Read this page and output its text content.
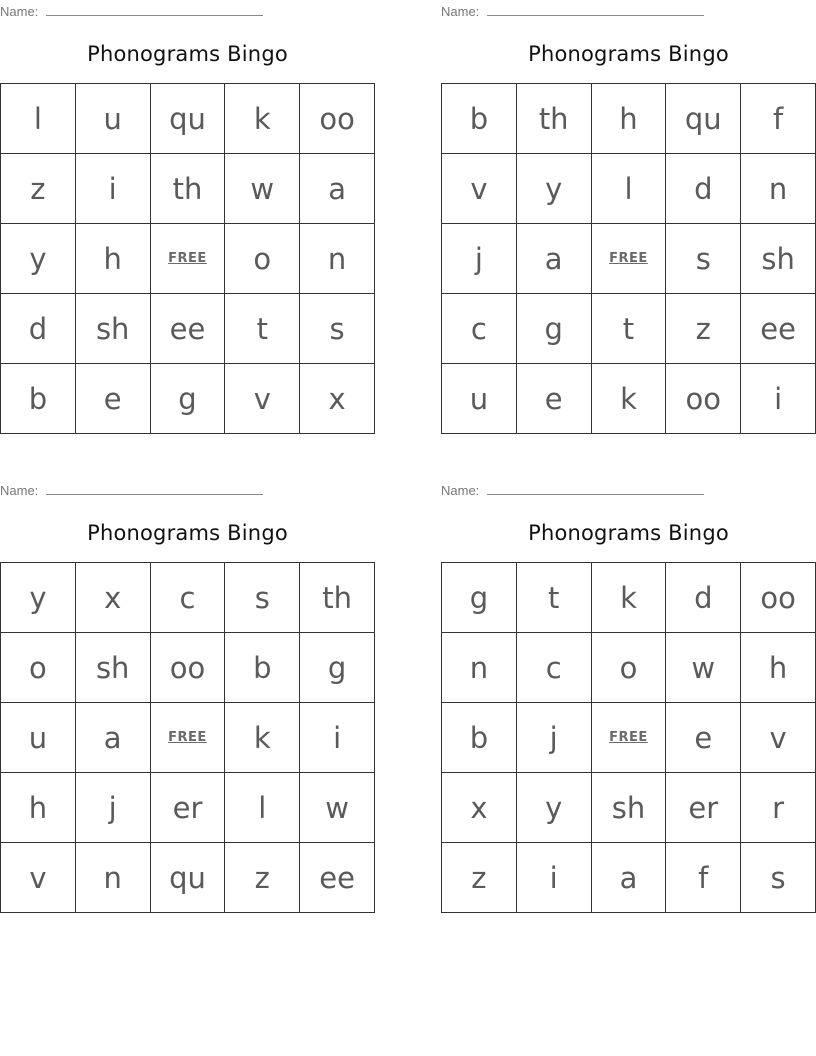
Name:
Phonograms Bingo
l	u	qu	k	oo
z	i	th	w	a
y	h	FREE	o	n
d	sh	ee	t	s
b	e	g	v	x
Name:
Phonograms Bingo
b	th	h	qu	f
v	y	l	d	n
j	a	FREE	s	sh
c	g	t	z	ee
u	e	k	oo	i
Name:
Phonograms Bingo
y	x	c	s	th
o	sh	oo	b	g
u	a	FREE	k	i
h	j	er	l	w
v	n	qu	z	ee
Name:
Phonograms Bingo
g	t	k	d	oo
n	c	o	w	h
b	j	FREE	e	v
x	y	sh	er	r
z	i	a	f	s
